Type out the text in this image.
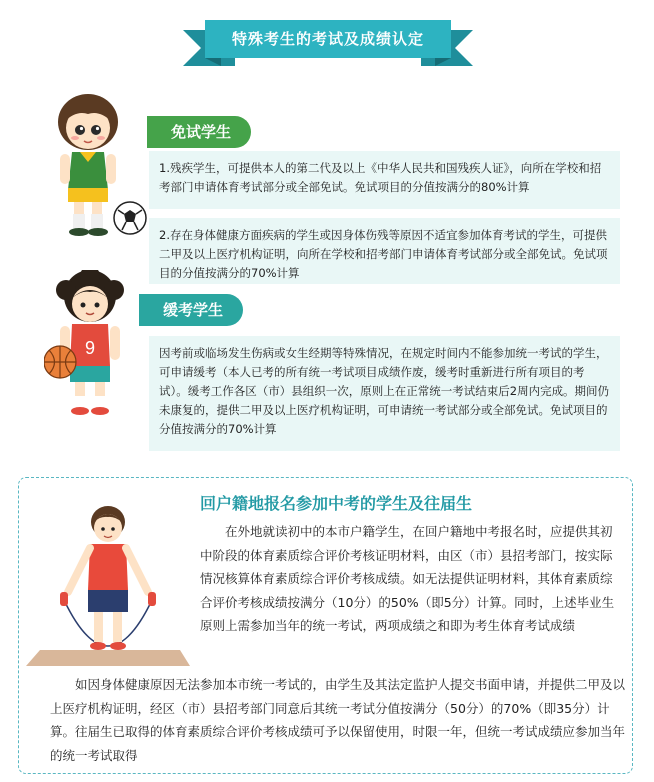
特殊考生的考试及成绩认定
免试学生
1.残疾学生，可提供本人的第二代及以上《中华人民共和国残疾人证》，向所在学校和招考部门申请体育考试部分或全部免试。免试项目的分值按满分的80%计算
2.存在身体健康方面疾病的学生或因身体伤残等原因不适宜参加体育考试的学生，可提供二甲及以上医疗机构证明，向所在学校和招考部门申请体育考试部分或全部免试。免试项目的分值按满分的70%计算
9
缓考学生
因考前或临场发生伤病或女生经期等特殊情况，在规定时间内不能参加统一考试的学生，可申请缓考（本人已考的所有统一考试项目成绩作废，缓考时重新进行所有项目的考试）。缓考工作各区（市）县组织一次，原则上在正常统一考试结束后2周内完成。期间仍未康复的，提供二甲及以上医疗机构证明，可申请统一考试部分或全部免试。免试项目的分值按满分的70%计算
回户籍地报名参加中考的学生及往届生
在外地就读初中的本市户籍学生，在回户籍地中考报名时，应提供其初中阶段的体育素质综合评价考核证明材料，由区（市）县招考部门，按实际情况核算体育素质综合评价考核成绩。如无法提供证明材料，其体育素质综合评价考核成绩按满分（10分）的50%（即5分）计算。同时，上述毕业生原则上需参加当年的统一考试，两项成绩之和即为考生体育考试成绩
如因身体健康原因无法参加本市统一考试的，由学生及其法定监护人提交书面申请，并提供二甲及以上医疗机构证明，经区（市）县招考部门同意后其统一考试分值按满分（50分）的70%（即35分）计算。往届生已取得的体育素质综合评价考核成绩可予以保留使用，时限一年，但统一考试成绩应参加当年的统一考试取得
